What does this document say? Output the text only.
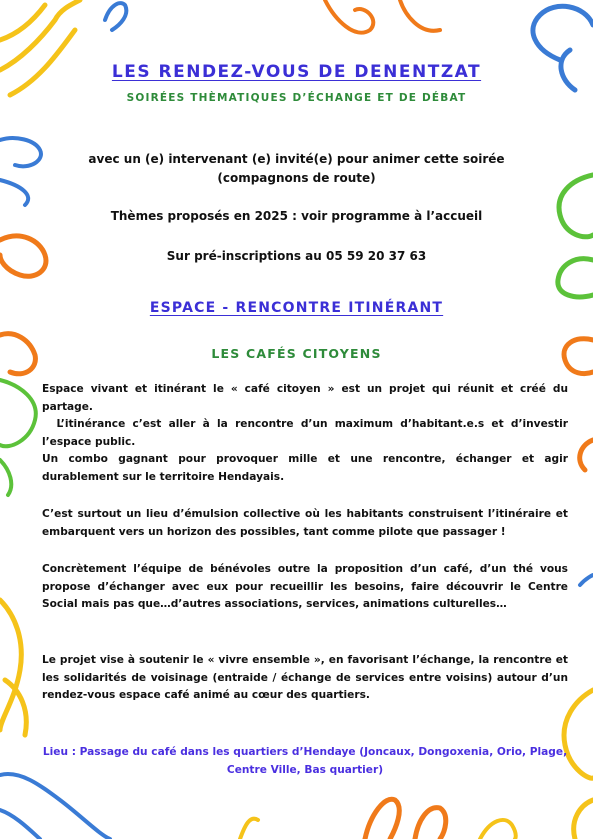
LES RENDEZ-VOUS DE DENENTZAT
SOIRÉES THÈMATIQUES D’ÉCHANGE ET DE DÉBAT
avec un (e) intervenant (e) invité(e) pour animer cette soirée
(compagnons de route)
Thèmes proposés en 2025 : voir programme à l’accueil
Sur pré-inscriptions au 05 59 20 37 63
ESPACE - RENCONTRE ITINÉRANT
LES CAFÉS CITOYENS

Espace vivant et itinérant le « café citoyen » est un projet qui réunit et créé du partage.

L’itinérance c’est aller à la rencontre d’un maximum d’habitant.e.s et d’investir l’espace public.

Un combo gagnant pour provoquer mille et une rencontre, échanger et agir durablement sur le territoire Hendayais.

C’est surtout un lieu d’émulsion collective où les habitants construisent l’itinéraire et embarquent vers un horizon des possibles, tant comme pilote que passager !

Concrètement l’équipe de bénévoles outre la proposition d’un café, d’un thé vous propose d’échanger avec eux pour recueillir les besoins, faire découvrir le Centre Social mais pas que…d’autres associations, services, animations culturelles…

Le projet vise à soutenir le « vivre ensemble », en favorisant l’échange, la rencontre et les solidarités de voisinage (entraide / échange de services entre voisins) autour d’un rendez-vous espace café animé au cœur des quartiers.

Lieu : Passage du café dans les quartiers d’Hendaye (Joncaux, Dongoxenia, Orio, Plage, Centre Ville, Bas quartier)
